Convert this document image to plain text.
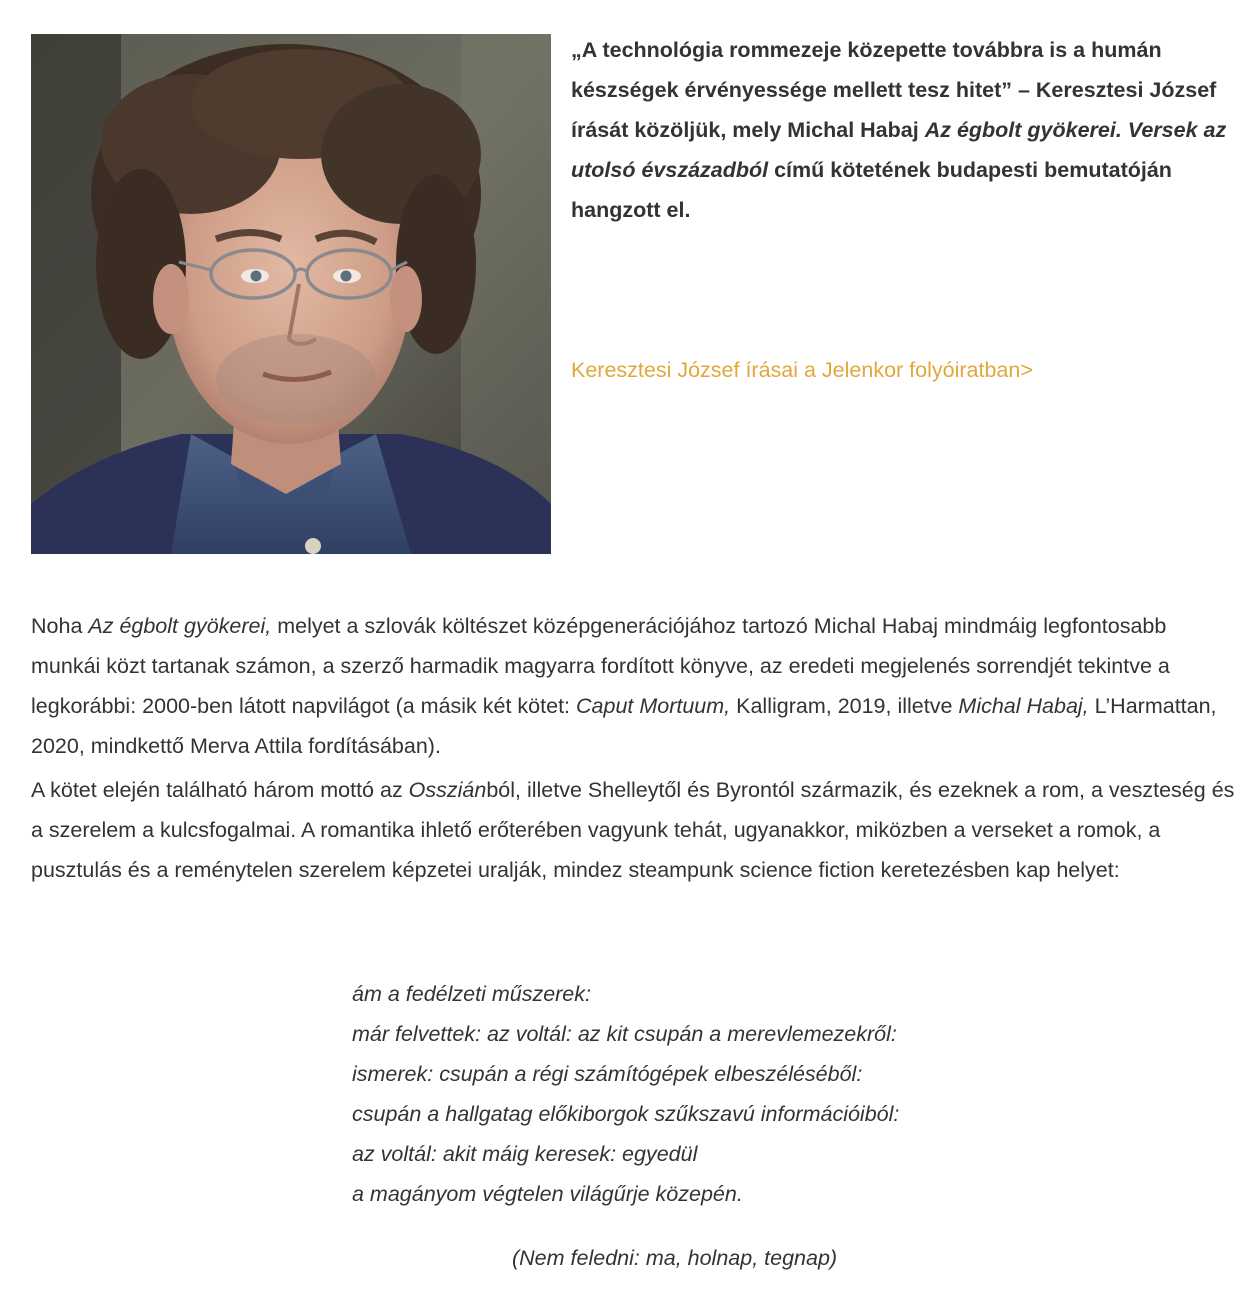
„A technológia rommezeje közepette továbbra is a humán készségek érvényessége mellett tesz hitet” – Keresztesi József írását közöljük, mely Michal Habaj Az égbolt gyökerei. Versek az utolsó évszázadból című kötetének budapesti bemutatóján hangzott el.

Keresztesi József írásai a Jelenkor folyóiratban>

Noha Az égbolt gyökerei, melyet a szlovák költészet középgenerációjához tartozó Michal Habaj mindmáig legfontosabb munkái közt tartanak számon, a szerző harmadik magyarra fordított könyve, az eredeti megjelenés sorrendjét tekintve a legkorábbi: 2000-ben látott napvilágot (a másik két kötet: Caput Mortuum, Kalligram, 2019, illetve Michal Habaj, L’Harmattan, 2020, mindkettő Merva Attila fordításában).

A kötet elején található három mottó az Ossziánból, illetve Shelleytől és Byrontól származik, és ezeknek a rom, a veszteség és a szerelem a kulcsfogalmai. A romantika ihlető erőterében vagyunk tehát, ugyanakkor, miközben a verseket a romok, a pusztulás és a reménytelen szerelem képzetei uralják, mindez steampunk science fiction keretezésben kap helyet:

ám a fedélzeti műszerek:
már felvettek: az voltál: az kit csupán a merevlemezekről:
ismerek: csupán a régi számítógépek elbeszéléséből:
csupán a hallgatag előkiborgok szűkszavú információiból:
az voltál: akit máig keresek: egyedül
a magányom végtelen világűrje közepén.
(Nem feledni: ma, holnap, tegnap)
